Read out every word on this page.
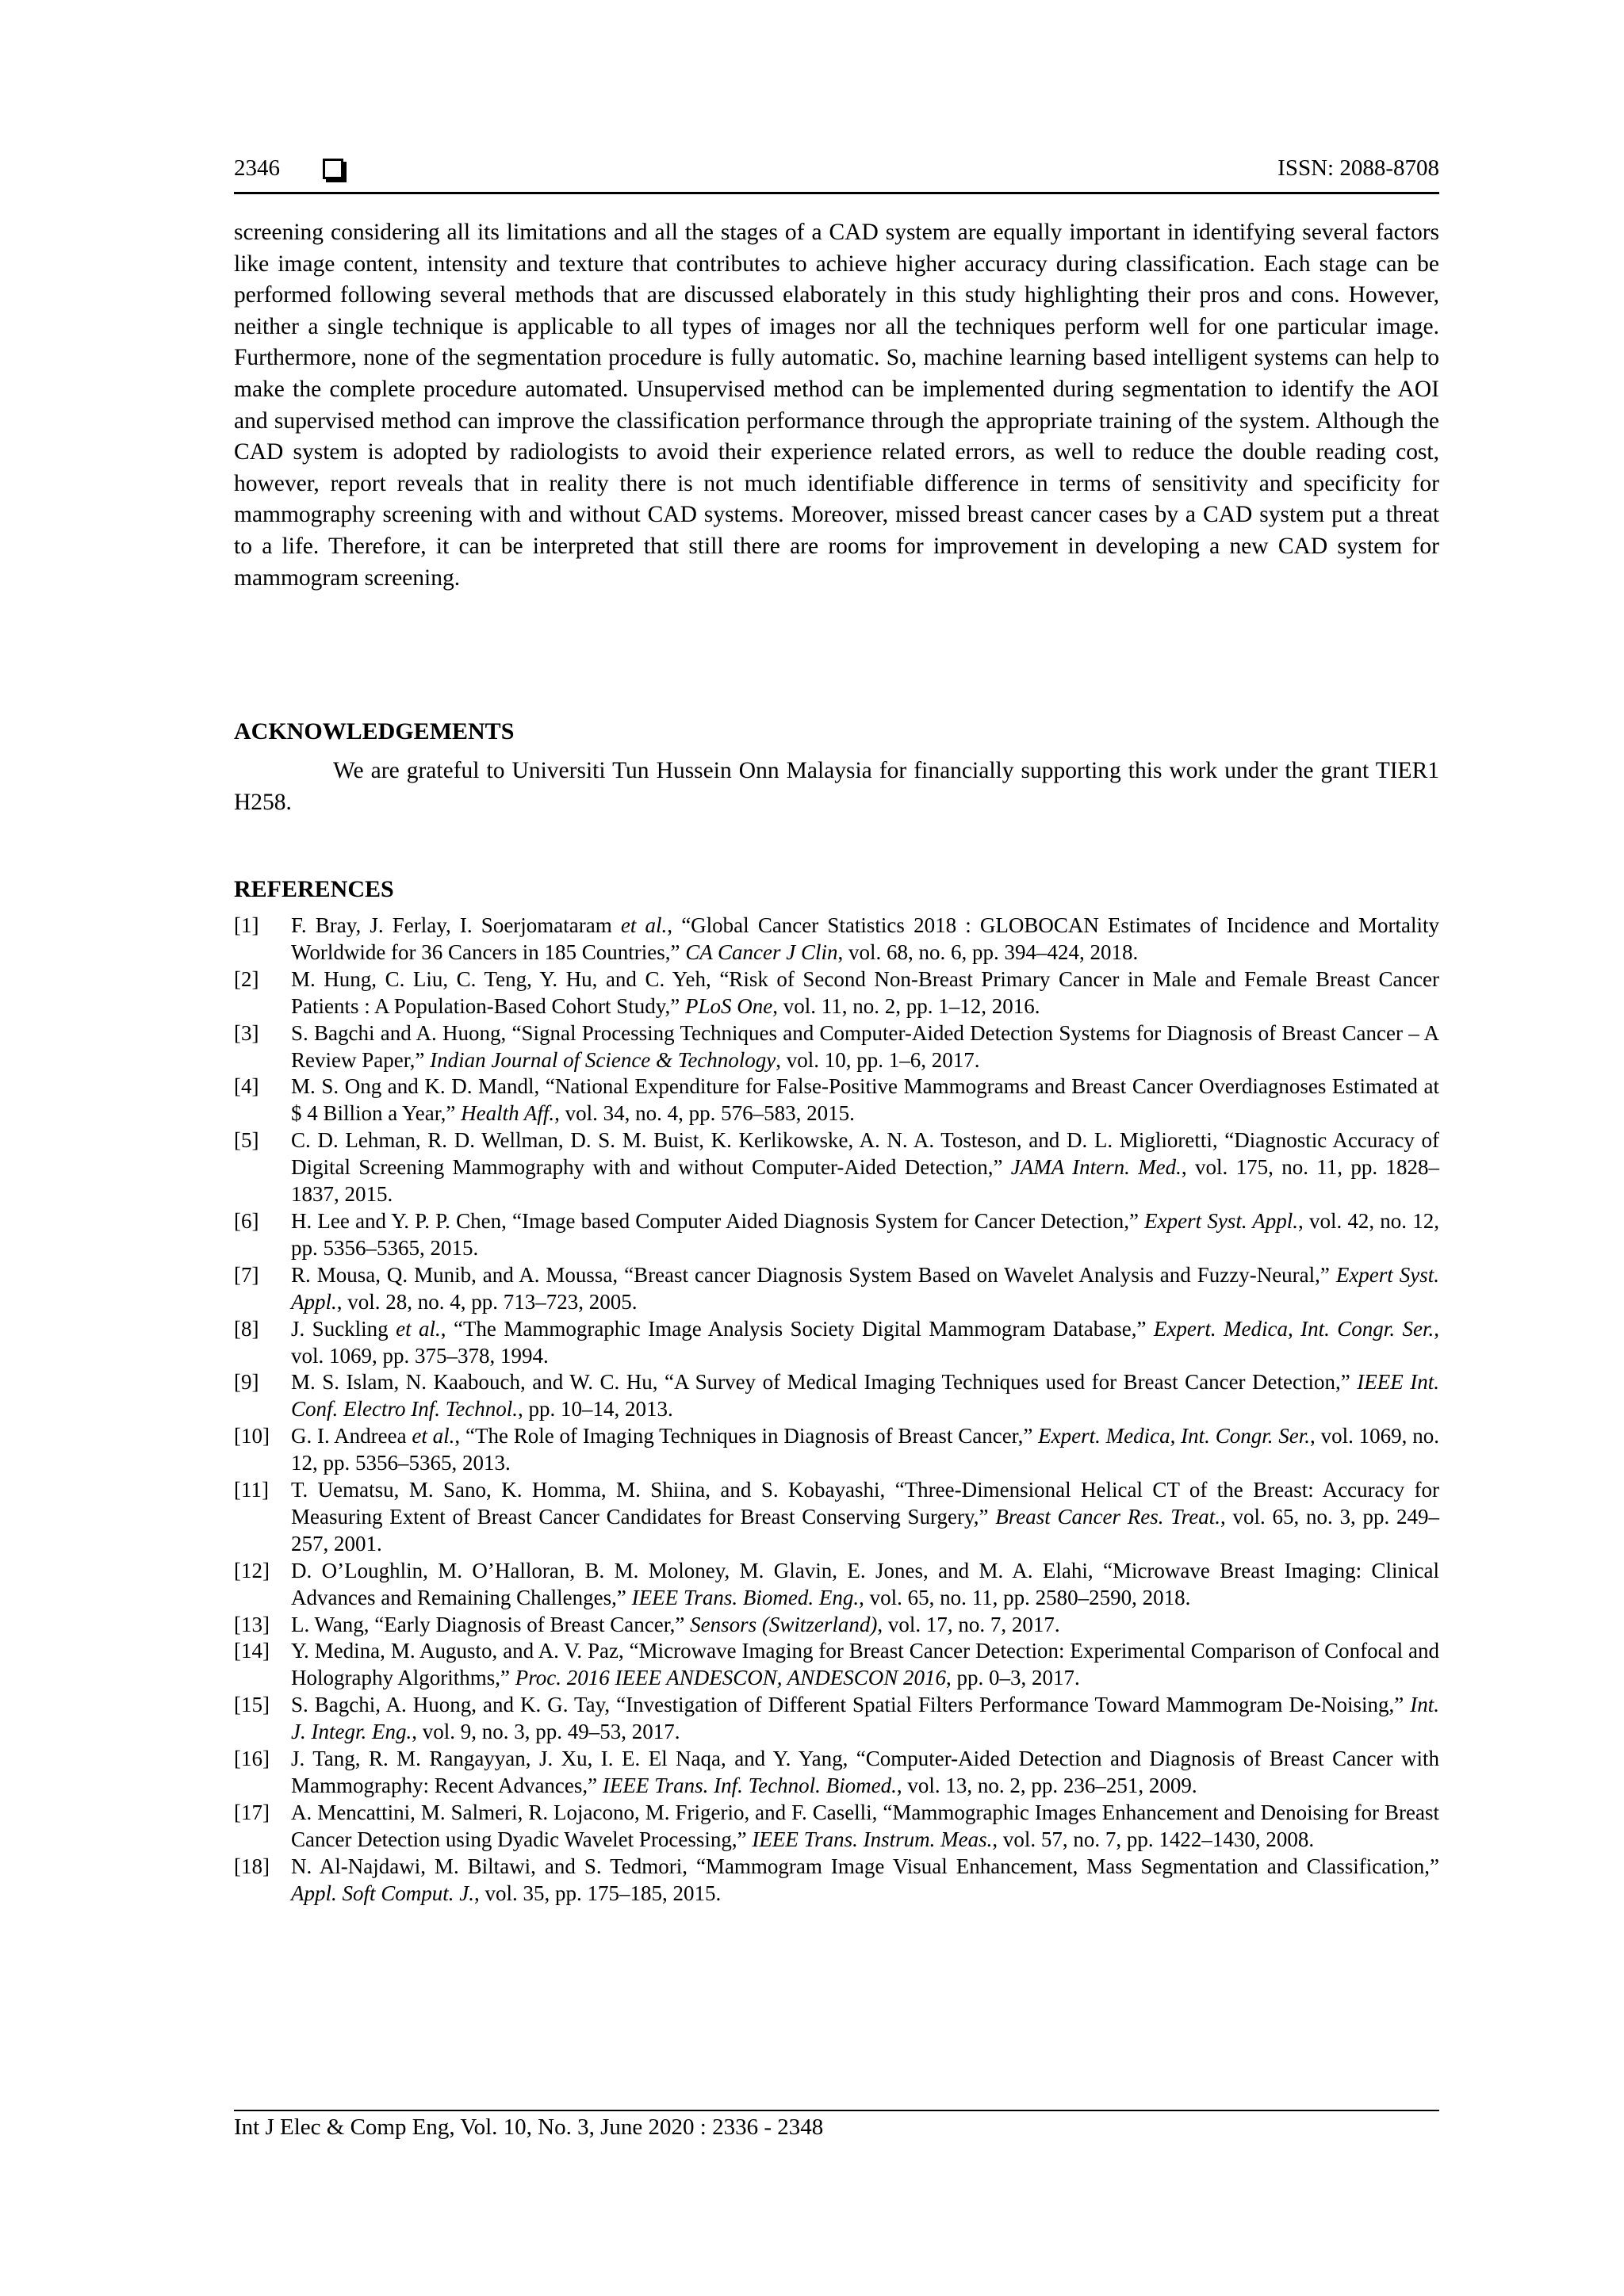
2346	ISSN: 2088-8708

screening considering all its limitations and all the stages of a CAD system are equally important in identifying several factors like image content, intensity and texture that contributes to achieve higher accuracy during classification. Each stage can be performed following several methods that are discussed elaborately in this study highlighting their pros and cons. However, neither a single technique is applicable to all types of images nor all the techniques perform well for one particular image. Furthermore, none of the segmentation procedure is fully automatic. So, machine learning based intelligent systems can help to make the complete procedure automated. Unsupervised method can be implemented during segmentation to identify the AOI and supervised method can improve the classification performance through the appropriate training of the system. Although the CAD system is adopted by radiologists to avoid their experience related errors, as well to reduce the double reading cost, however, report reveals that in reality there is not much identifiable difference in terms of sensitivity and specificity for mammography screening with and without CAD systems. Moreover, missed breast cancer cases by a CAD system put a threat to a life. Therefore, it can be interpreted that still there are rooms for improvement in developing a new CAD system for mammogram screening.

ACKNOWLEDGEMENTS

We are grateful to Universiti Tun Hussein Onn Malaysia for financially supporting this work under the grant TIER1 H258.

REFERENCES
[1] F. Bray, J. Ferlay, I. Soerjomataram et al., “Global Cancer Statistics 2018 : GLOBOCAN Estimates of Incidence and Mortality Worldwide for 36 Cancers in 185 Countries,” CA Cancer J Clin, vol. 68, no. 6, pp. 394–424, 2018.
[2] M. Hung, C. Liu, C. Teng, Y. Hu, and C. Yeh, “Risk of Second Non-Breast Primary Cancer in Male and Female Breast Cancer Patients : A Population-Based Cohort Study,” PLoS One, vol. 11, no. 2, pp. 1–12, 2016.
[3] S. Bagchi and A. Huong, “Signal Processing Techniques and Computer-Aided Detection Systems for Diagnosis of Breast Cancer – A Review Paper,” Indian Journal of Science & Technology, vol. 10, pp. 1–6, 2017.
[4] M. S. Ong and K. D. Mandl, “National Expenditure for False-Positive Mammograms and Breast Cancer Overdiagnoses Estimated at $ 4 Billion a Year,” Health Aff., vol. 34, no. 4, pp. 576–583, 2015.
[5] C. D. Lehman, R. D. Wellman, D. S. M. Buist, K. Kerlikowske, A. N. A. Tosteson, and D. L. Miglioretti, “Diagnostic Accuracy of Digital Screening Mammography with and without Computer-Aided Detection,” JAMA Intern. Med., vol. 175, no. 11, pp. 1828–1837, 2015.
[6] H. Lee and Y. P. P. Chen, “Image based Computer Aided Diagnosis System for Cancer Detection,” Expert Syst. Appl., vol. 42, no. 12, pp. 5356–5365, 2015.
[7] R. Mousa, Q. Munib, and A. Moussa, “Breast cancer Diagnosis System Based on Wavelet Analysis and Fuzzy-Neural,” Expert Syst. Appl., vol. 28, no. 4, pp. 713–723, 2005.
[8] J. Suckling et al., “The Mammographic Image Analysis Society Digital Mammogram Database,” Expert. Medica, Int. Congr. Ser., vol. 1069, pp. 375–378, 1994.
[9] M. S. Islam, N. Kaabouch, and W. C. Hu, “A Survey of Medical Imaging Techniques used for Breast Cancer Detection,” IEEE Int. Conf. Electro Inf. Technol., pp. 10–14, 2013.
[10] G. I. Andreea et al., “The Role of Imaging Techniques in Diagnosis of Breast Cancer,” Expert. Medica, Int. Congr. Ser., vol. 1069, no. 12, pp. 5356–5365, 2013.
[11] T. Uematsu, M. Sano, K. Homma, M. Shiina, and S. Kobayashi, “Three-Dimensional Helical CT of the Breast: Accuracy for Measuring Extent of Breast Cancer Candidates for Breast Conserving Surgery,” Breast Cancer Res. Treat., vol. 65, no. 3, pp. 249–257, 2001.
[12] D. O’Loughlin, M. O’Halloran, B. M. Moloney, M. Glavin, E. Jones, and M. A. Elahi, “Microwave Breast Imaging: Clinical Advances and Remaining Challenges,” IEEE Trans. Biomed. Eng., vol. 65, no. 11, pp. 2580–2590, 2018.
[13] L. Wang, “Early Diagnosis of Breast Cancer,” Sensors (Switzerland), vol. 17, no. 7, 2017.
[14] Y. Medina, M. Augusto, and A. V. Paz, “Microwave Imaging for Breast Cancer Detection: Experimental Comparison of Confocal and Holography Algorithms,” Proc. 2016 IEEE ANDESCON, ANDESCON 2016, pp. 0–3, 2017.
[15] S. Bagchi, A. Huong, and K. G. Tay, “Investigation of Different Spatial Filters Performance Toward Mammogram De-Noising,” Int. J. Integr. Eng., vol. 9, no. 3, pp. 49–53, 2017.
[16] J. Tang, R. M. Rangayyan, J. Xu, I. E. El Naqa, and Y. Yang, “Computer-Aided Detection and Diagnosis of Breast Cancer with Mammography: Recent Advances,” IEEE Trans. Inf. Technol. Biomed., vol. 13, no. 2, pp. 236–251, 2009.
[17] A. Mencattini, M. Salmeri, R. Lojacono, M. Frigerio, and F. Caselli, “Mammographic Images Enhancement and Denoising for Breast Cancer Detection using Dyadic Wavelet Processing,” IEEE Trans. Instrum. Meas., vol. 57, no. 7, pp. 1422–1430, 2008.
[18] N. Al-Najdawi, M. Biltawi, and S. Tedmori, “Mammogram Image Visual Enhancement, Mass Segmentation and Classification,” Appl. Soft Comput. J., vol. 35, pp. 175–185, 2015.
Int J Elec & Comp Eng, Vol. 10, No. 3, June 2020 : 2336 - 2348
